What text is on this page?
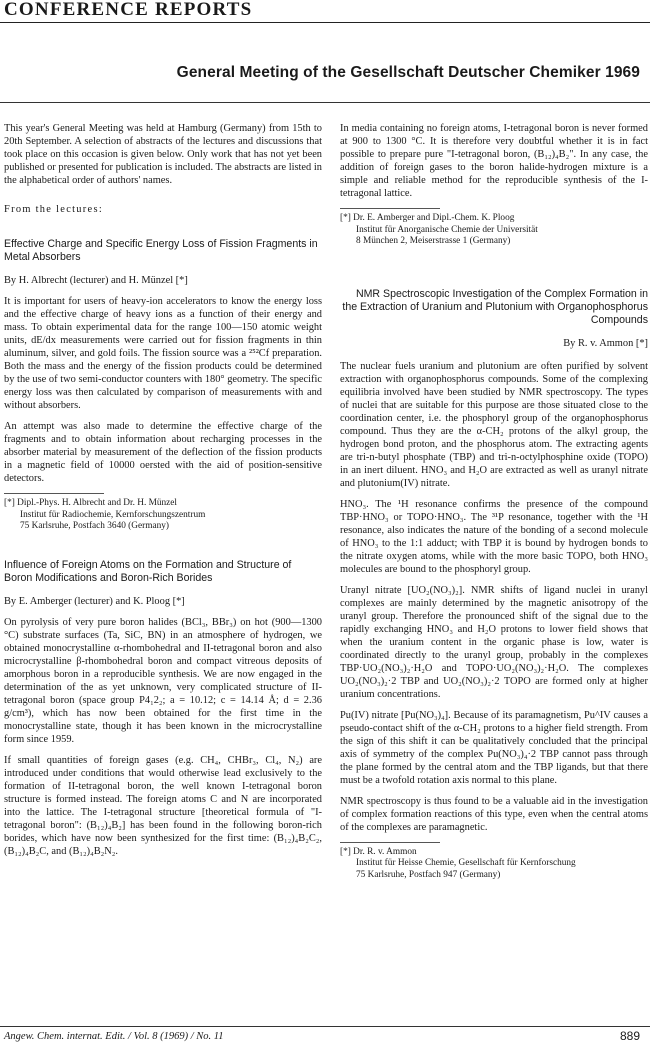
CONFERENCE REPORTS
General Meeting of the Gesellschaft Deutscher Chemiker 1969

This year's General Meeting was held at Hamburg (Germany) from 15th to 20th September. A selection of abstracts of the lectures and discussions that took place on this occasion is given below. Only work that has not yet been published or presented for publication is included. The abstracts are listed in the alphabetical order of authors' names.

From the lectures:

Effective Charge and Specific Energy Loss of Fission Fragments in Metal Absorbers
By H. Albrecht (lecturer) and H. Münzel [*]

It is important for users of heavy-ion accelerators to know the energy loss and the effective charge of heavy ions as a function of their energy and mass. To obtain experimental data for the range 100—150 atomic weight units, dE/dx measurements were carried out for fission fragments in thin aluminum, silver, and gold foils. The fission source was a ²⁵²Cf preparation. Both the mass and the energy of the fission products could be determined by the use of two semi-conductor counters with 180° geometry. The specific energy loss was then calculated by comparison of measurements with and without absorbers.

An attempt was also made to determine the effective charge of the fragments and to obtain information about recharging processes in the absorber material by measurement of the deflection of the fission products in a magnetic field of 10000 oersted with the aid of position-sensitive detectors.

[*] Dipl.-Phys. H. Albrecht and Dr. H. Münzel
Institut für Radiochemie, Kernforschungszentrum
75 Karlsruhe, Postfach 3640 (Germany)
Influence of Foreign Atoms on the Formation and Structure of Boron Modifications and Boron-Rich Borides
By E. Amberger (lecturer) and K. Ploog [*]

On pyrolysis of very pure boron halides (BCl₃, BBr₃) on hot (900—1300 °C) substrate surfaces (Ta, SiC, BN) in an atmosphere of hydrogen, we obtained monocrystalline α-rhombohedral and II-tetragonal boron and also microcrystalline β-rhombohedral boron and compact vitreous deposits of amorphous boron in a reproducible synthesis. We are now engaged in the determination of the as yet unknown, very complicated structure of II-tetragonal boron (space group P4₁2₂; a = 10.12; c = 14.14 Å; d = 2.36 g/cm³), which has now been obtained for the first time in the monocrystalline state, though it has been known in the microcrystalline form since 1959.

If small quantities of foreign gases (e.g. CH₄, CHBr₃, Cl₄, N₂) are introduced under conditions that would otherwise lead exclusively to the formation of II-tetragonal boron, the well known I-tetragonal boron structure is formed instead. The foreign atoms C and N are incorporated into the lattice. The I-tetragonal structure [theoretical formula of "I-tetragonal boron": (B₁₂)₄B₂] has been found in the following boron-rich borides, which have now been synthesized for the first time: (B₁₂)₄B₂C₂, (B₁₂)₄B₂C, and (B₁₂)₄B₂N₂.

In media containing no foreign atoms, I-tetragonal boron is never formed at 900 to 1300 °C. It is therefore very doubtful whether it is in fact possible to prepare pure "I-tetragonal boron, (B₁₂)₄B₂". In any case, the addition of foreign gases to the boron halide-hydrogen mixture is a simple and reliable method for the reproducible synthesis of the I-tetragonal lattice.

[*] Dr. E. Amberger and Dipl.-Chem. K. Ploog
Institut für Anorganische Chemie der Universität
8 München 2, Meiserstrasse 1 (Germany)
NMR Spectroscopic Investigation of the Complex Formation in the Extraction of Uranium and Plutonium with Organophosphorus Compounds
By R. v. Ammon [*]

The nuclear fuels uranium and plutonium are often purified by solvent extraction with organophosphorus compounds. Some of the complexing equilibria involved have been studied by NMR spectroscopy. The types of nuclei that are suitable for this purpose are those situated close to the coordination center, i.e. the phosphoryl group of the organophosphorus compound. Thus they are the α-CH₂ protons of the alkyl group, the hydrogen bond proton, and the phosphorus atom. The extracting agents are tri-n-butyl phosphate (TBP) and tri-n-octylphosphine oxide (TOPO) in an inert diluent. HNO₃ and H₂O are extracted as well as uranyl nitrate and plutonium(IV) nitrate.

HNO₃. The ¹H resonance confirms the presence of the compound TBP·HNO₃ or TOPO·HNO₃. The ³¹P resonance, together with the ¹H resonance, also indicates the nature of the bonding of a second molecule of HNO₃ to the 1:1 adduct; with TBP it is bound by hydrogen bonds to the nitrate oxygen atoms, while with the more basic TOPO, both HNO₃ molecules are bound to the phosphoryl group.

Uranyl nitrate [UO₂(NO₃)₂]. NMR shifts of ligand nuclei in uranyl complexes are mainly determined by the magnetic anisotropy of the uranyl group. Therefore the pronounced shift of the signal due to the rapidly exchanging HNO₃ and H₂O protons to lower field shows that when the uranium content in the organic phase is low, water is coordinated directly to the uranyl group, probably in the complexes TBP·UO₂(NO₃)₂·H₂O and TOPO·UO₂(NO₃)₂·H₂O. The complexes UO₂(NO₃)₂·2 TBP and UO₂(NO₃)₂·2 TOPO are formed only at higher uranium concentrations.

Pu(IV) nitrate [Pu(NO₃)₄]. Because of its paramagnetism, Pu^IV causes a pseudo-contact shift of the α-CH₂ protons to a higher field strength. From the sign of this shift it can be qualitatively concluded that the principal axis of symmetry of the complex Pu(NO₃)₄·2 TBP cannot pass through the plane formed by the central atom and the TBP ligands, but that there must be a twofold rotation axis normal to this plane.

NMR spectroscopy is thus found to be a valuable aid in the investigation of complex formation reactions of this type, even when the central atoms of the complexes are paramagnetic.

[*] Dr. R. v. Ammon
Institut für Heisse Chemie, Gesellschaft für Kernforschung
75 Karlsruhe, Postfach 947 (Germany)
Angew. Chem. internat. Edit. / Vol. 8 (1969) / No. 11	889
